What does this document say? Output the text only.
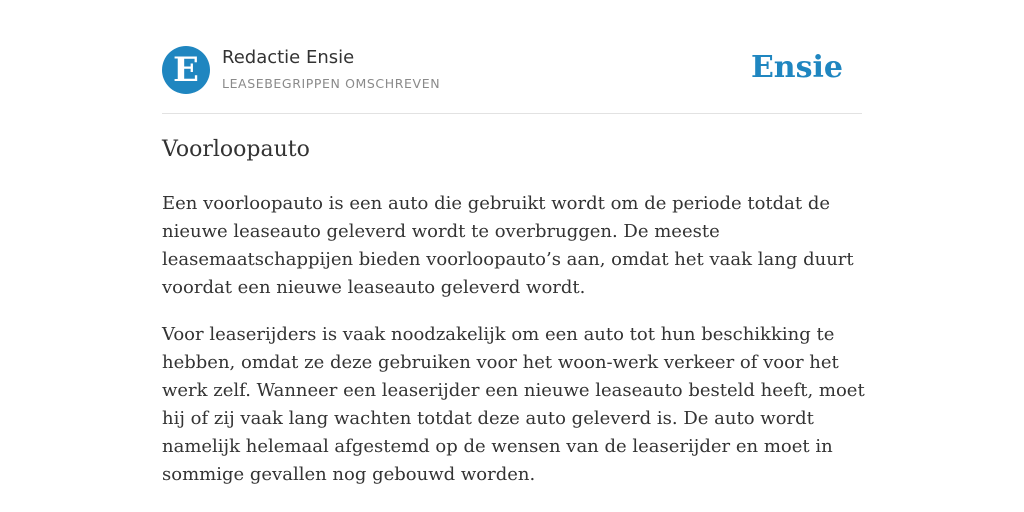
E	Redactie Ensie
LEASEBEGRIPPEN OMSCHREVEN	Ensie
Voorloopauto

Een voorloopauto is een auto die gebruikt wordt om de periode totdat de nieuwe leaseauto geleverd wordt te overbruggen. De meeste leasemaatschappijen bieden voorloopauto’s aan, omdat het vaak lang duurt voordat een nieuwe leaseauto geleverd wordt.

Voor leaserijders is vaak noodzakelijk om een auto tot hun beschikking te hebben, omdat ze deze gebruiken voor het woon-werk verkeer of voor het werk zelf. Wanneer een leaserijder een nieuwe leaseauto besteld heeft, moet hij of zij vaak lang wachten totdat deze auto geleverd is. De auto wordt namelijk helemaal afgestemd op de wensen van de leaserijder en moet in sommige gevallen nog gebouwd worden.
